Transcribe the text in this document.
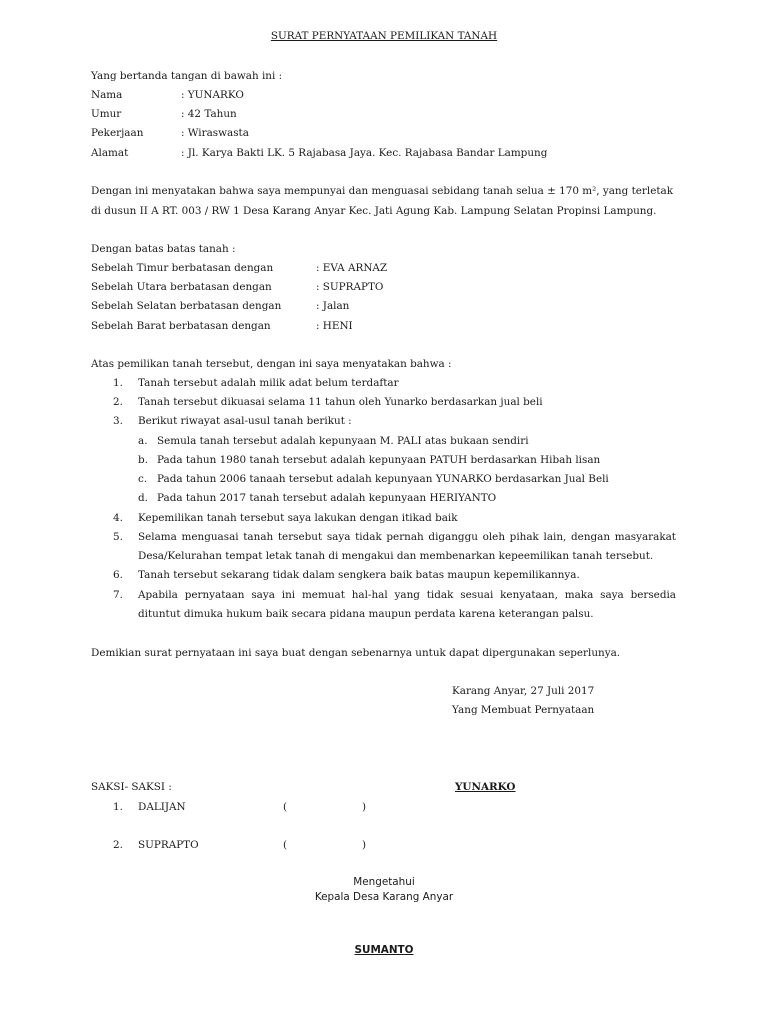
SURAT PERNYATAAN PEMILIKAN TANAH
Yang bertanda tangan di bawah ini :
Nama	: YUNARKO
Umur	: 42 Tahun
Pekerjaan	: Wiraswasta
Alamat	: Jl. Karya Bakti LK. 5 Rajabasa Jaya. Kec. Rajabasa Bandar Lampung
Dengan ini menyatakan bahwa saya mempunyai dan menguasai sebidang tanah selua ± 170 m², yang terletak
di dusun II A RT. 003 / RW 1 Desa Karang Anyar Kec. Jati Agung Kab. Lampung Selatan Propinsi Lampung.
Dengan batas batas tanah :
Sebelah Timur berbatasan dengan	: EVA ARNAZ
Sebelah Utara berbatasan dengan	: SUPRAPTO
Sebelah Selatan berbatasan dengan	: Jalan
Sebelah Barat berbatasan dengan	: HENI
Atas pemilikan tanah tersebut, dengan ini saya menyatakan bahwa :
1. Tanah tersebut adalah milik adat belum terdaftar
2. Tanah tersebut dikuasai selama 11 tahun oleh Yunarko berdasarkan jual beli
3. Berikut riwayat asal-usul tanah berikut :
a. Semula tanah tersebut adalah kepunyaan M. PALI atas bukaan sendiri
b. Pada tahun 1980 tanah tersebut adalah kepunyaan PATUH berdasarkan Hibah lisan
c. Pada tahun 2006 tanaah tersebut adalah kepunyaan YUNARKO berdasarkan Jual Beli
d. Pada tahun 2017 tanah tersebut adalah kepunyaan HERIYANTO
4. Kepemilikan tanah tersebut saya lakukan dengan itikad baik
5. Selama menguasai tanah tersebut saya tidak pernah diganggu oleh pihak lain, dengan masyarakat
Desa/Kelurahan tempat letak tanah di mengakui dan membenarkan kepeemilikan tanah tersebut.
6. Tanah tersebut sekarang tidak dalam sengkera baik batas maupun kepemilikannya.
7. Apabila pernyataan saya ini memuat hal-hal yang tidak sesuai kenyataan, maka saya bersedia
dituntut dimuka hukum baik secara pidana maupun perdata karena keterangan palsu.
Demikian surat pernyataan ini saya buat dengan sebenarnya untuk dapat dipergunakan seperlunya.
Karang Anyar, 27 Juli 2017
Yang Membuat Pernyataan
YUNARKO
SAKSI- SAKSI :
1. DALIJAN	(	)
2. SUPRAPTO	(	)
Mengetahui
Kepala Desa Karang Anyar
SUMANTO
